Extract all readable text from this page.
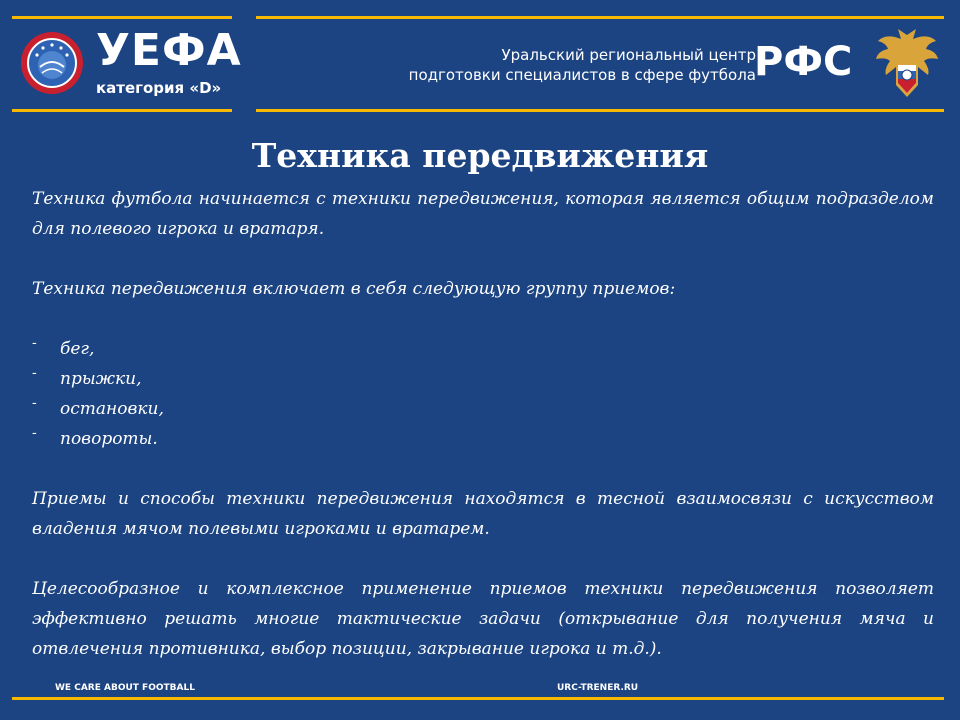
УЕФА
категория «D»
Уральский региональный центр
подготовки специалистов в сфере футбола
РФС
Техника передвижения

Техника футбола начинается с техники передвижения, которая является общим подразделом для полевого игрока и вратаря.

Техника передвижения включает в себя следующую группу приемов:

- бег,
- прыжки,
- остановки,
- повороты.

Приемы и способы техники передвижения находятся в тесной взаимосвязи с искусством владения мячом полевыми игроками и вратарем.

Целесообразное и комплексное применение приемов техники передвижения позволяет эффективно решать многие тактические задачи (открывание для получения мяча и отвлечения противника, выбор позиции, закрывание игрока и т.д.).

WE CARE ABOUT FOOTBALL	URC-TRENER.RU
